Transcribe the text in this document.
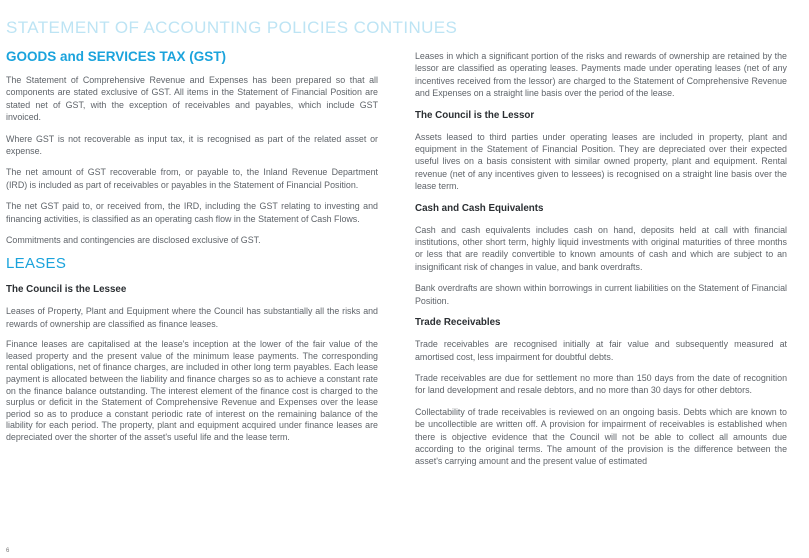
STATEMENT OF ACCOUNTING POLICIES CONTINUES
GOODS and SERVICES TAX (GST)

The Statement of Comprehensive Revenue and Expenses has been prepared so that all components are stated exclusive of GST. All items in the Statement of Financial Position are stated net of GST, with the exception of receivables and payables, which include GST invoiced.

Where GST is not recoverable as input tax, it is recognised as part of the related asset or expense.

The net amount of GST recoverable from, or payable to, the Inland Revenue Department (IRD) is included as part of receivables or payables in the Statement of Financial Position.

The net GST paid to, or received from, the IRD, including the GST relating to investing and financing activities, is classified as an operating cash flow in the Statement of Cash Flows.

Commitments and contingencies are disclosed exclusive of GST.

LEASES
The Council is the Lessee

Leases of Property, Plant and Equipment where the Council has substantially all the risks and rewards of ownership are classified as finance leases.

Finance leases are capitalised at the lease's inception at the lower of the fair value of the leased property and the present value of the minimum lease payments. The corresponding rental obligations, net of finance charges, are included in other long term payables. Each lease payment is allocated between the liability and finance charges so as to achieve a constant rate on the finance balance outstanding. The interest element of the finance cost is charged to the surplus or deficit in the Statement of Comprehensive Revenue and Expenses over the lease period so as to produce a constant periodic rate of interest on the remaining balance of the liability for each period. The property, plant and equipment acquired under finance leases are depreciated over the shorter of the asset's useful life and the lease term.

Leases in which a significant portion of the risks and rewards of ownership are retained by the lessor are classified as operating leases. Payments made under operating leases (net of any incentives received from the lessor) are charged to the Statement of Comprehensive Revenue and Expenses on a straight line basis over the period of the lease.

The Council is the Lessor

Assets leased to third parties under operating leases are included in property, plant and equipment in the Statement of Financial Position. They are depreciated over their expected useful lives on a basis consistent with similar owned property, plant and equipment. Rental revenue (net of any incentives given to lessees) is recognised on a straight line basis over the lease term.

Cash and Cash Equivalents

Cash and cash equivalents includes cash on hand, deposits held at call with financial institutions, other short term, highly liquid investments with original maturities of three months or less that are readily convertible to known amounts of cash and which are subject to an insignificant risk of changes in value, and bank overdrafts.

Bank overdrafts are shown within borrowings in current liabilities on the Statement of Financial Position.

Trade Receivables

Trade receivables are recognised initially at fair value and subsequently measured at amortised cost, less impairment for doubtful debts.

Trade receivables are due for settlement no more than 150 days from the date of recognition for land development and resale debtors, and no more than 30 days for other debtors.

Collectability of trade receivables is reviewed on an ongoing basis. Debts which are known to be uncollectible are written off. A provision for impairment of receivables is established when there is objective evidence that the Council will not be able to collect all amounts due according to the original terms. The amount of the provision is the difference between the asset's carrying amount and the present value of estimated

6
